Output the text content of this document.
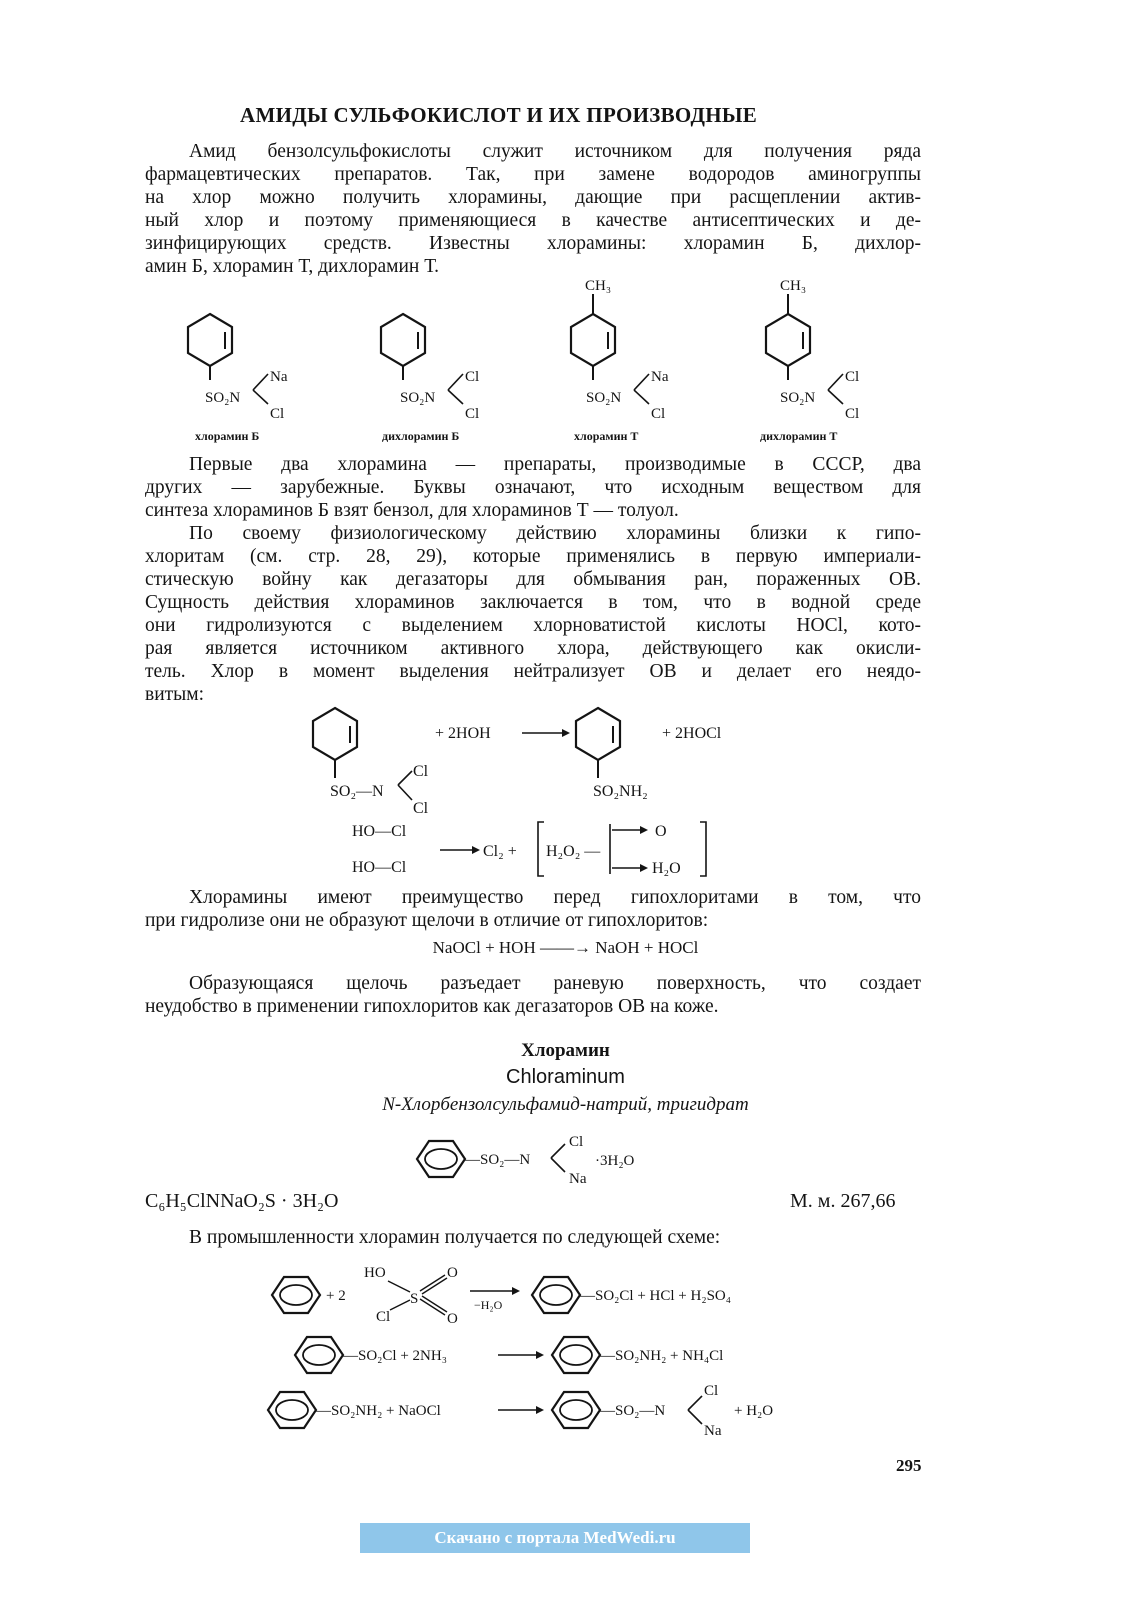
АМИДЫ СУЛЬФОКИСЛОТ И ИХ ПРОИЗВОДНЫЕ
Амид бензолсульфокислоты служит источником для получения ряда
фармацевтических препаратов. Так, при замене водородов аминогруппы
на хлор можно получить хлорамины, дающие при расщеплении актив-
ный хлор и поэтому применяющиеся в качестве антисептических и де-
зинфицирующих средств. Известны хлорамины: хлорамин Б, дихлор-
амин Б, хлорамин Т, дихлорамин Т.
SO₂N
Na
Cl
хлорамин Б
SO₂N
Cl
Cl
дихлорамин Б
CH₃
SO₂N
Na
Cl
хлорамин Т
CH₃
SO₂N
Cl
Cl
дихлорамин Т
Первые два хлорамина — препараты, производимые в СССР, два
других — зарубежные. Буквы означают, что исходным веществом для
синтеза хлораминов Б взят бензол, для хлораминов Т — толуол.
По своему физиологическому действию хлорамины близки к гипо-
хлоритам (см. стр. 28, 29), которые применялись в первую империали-
стическую войну как дегазаторы для обмывания ран, пораженных ОВ.
Сущность действия хлораминов заключается в том, что в водной среде
они гидролизуются с выделением хлорноватистой кислоты HOCl, кото-
рая является источником активного хлора, действующего как окисли-
тель. Хлор в момент выделения нейтрализует ОВ и делает его неядо-
витым:
SO₂—N
Cl
Cl
+ 2HOH
SO₂NH₂
+ 2HOCl
HO—Cl
HO—Cl
Cl₂ + H₂O₂ —
O
H₂O
Хлорамины имеют преимущество перед гипохлоритами в том, что
при гидролизе они не образуют щелочи в отличие от гипохлоритов:
NaOCl + HOH ——→ NaOH + HOCl
Образующаяся щелочь разъедает раневую поверхность, что создает
неудобство в применении гипохлоритов как дегазаторов ОВ на коже.
Хлорамин
Chloraminum
N-Хлорбензолсульфамид-натрий, тригидрат
—SO₂—N
Cl
Na
·3H₂O
C₆H₅ClNNaO₂S · 3H₂O	М. м. 267,66
В промышленности хлорамин получается по следующей схеме:
+ 2
HO
S
O
O
Cl
−H₂O
—SO₂Cl + HCl + H₂SO₄
—SO₂Cl + 2NH₃	—SO₂NH₂ + NH₄Cl
—SO₂NH₂ + NaOCl	—SO₂—N
Cl
Na
+ H₂O
295
Скачано с портала MedWedi.ru
